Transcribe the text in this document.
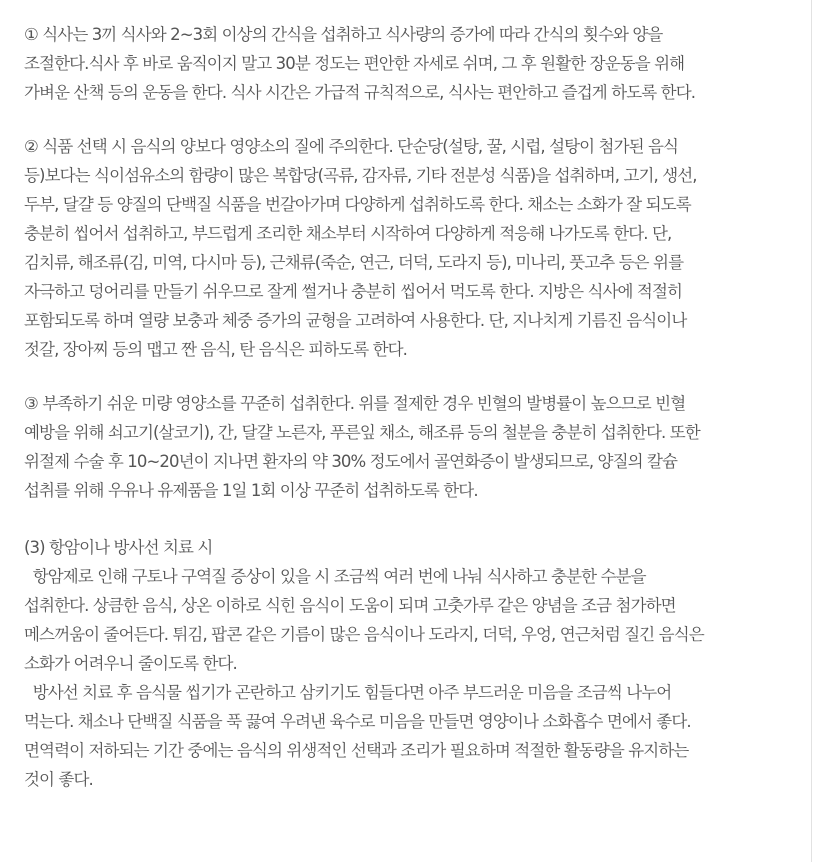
① 식사는 3끼 식사와 2~3회 이상의 간식을 섭취하고 식사량의 증가에 따라 간식의 횟수와 양을
조절한다.식사 후 바로 움직이지 말고 30분 정도는 편안한 자세로 쉬며, 그 후 원활한 장운동을 위해
가벼운 산책 등의 운동을 한다. 식사 시간은 가급적 규칙적으로, 식사는 편안하고 즐겁게 하도록 한다.
② 식품 선택 시 음식의 양보다 영양소의 질에 주의한다. 단순당(설탕, 꿀, 시럽, 설탕이 첨가된 음식
등)보다는 식이섬유소의 함량이 많은 복합당(곡류, 감자류, 기타 전분성 식품)을 섭취하며, 고기, 생선,
두부, 달걀 등 양질의 단백질 식품을 번갈아가며 다양하게 섭취하도록 한다. 채소는 소화가 잘 되도록
충분히 씹어서 섭취하고, 부드럽게 조리한 채소부터 시작하여 다양하게 적응해 나가도록 한다. 단,
김치류, 해조류(김, 미역, 다시마 등), 근채류(죽순, 연근, 더덕, 도라지 등), 미나리, 풋고추 등은 위를
자극하고 덩어리를 만들기 쉬우므로 잘게 썰거나 충분히 씹어서 먹도록 한다. 지방은 식사에 적절히
포함되도록 하며 열량 보충과 체중 증가의 균형을 고려하여 사용한다. 단, 지나치게 기름진 음식이나
젓갈, 장아찌 등의 맵고 짠 음식, 탄 음식은 피하도록 한다.
③ 부족하기 쉬운 미량 영양소를 꾸준히 섭취한다. 위를 절제한 경우 빈혈의 발병률이 높으므로 빈혈
예방을 위해 쇠고기(살코기), 간, 달걀 노른자, 푸른잎 채소, 해조류 등의 철분을 충분히 섭취한다. 또한
위절제 수술 후 10~20년이 지나면 환자의 약 30% 정도에서 골연화증이 발생되므로, 양질의 칼슘
섭취를 위해 우유나 유제품을 1일 1회 이상 꾸준히 섭취하도록 한다.
(3) 항암이나 방사선 치료 시
항암제로 인해 구토나 구역질 증상이 있을 시 조금씩 여러 번에 나눠 식사하고 충분한 수분을
섭취한다. 상큼한 음식, 상온 이하로 식힌 음식이 도움이 되며 고춧가루 같은 양념을 조금 첨가하면
메스꺼움이 줄어든다. 튀김, 팝콘 같은 기름이 많은 음식이나 도라지, 더덕, 우엉, 연근처럼 질긴 음식은
소화가 어려우니 줄이도록 한다.
방사선 치료 후 음식물 씹기가 곤란하고 삼키기도 힘들다면 아주 부드러운 미음을 조금씩 나누어
먹는다. 채소나 단백질 식품을 푹 끓여 우려낸 육수로 미음을 만들면 영양이나 소화흡수 면에서 좋다.
면역력이 저하되는 기간 중에는 음식의 위생적인 선택과 조리가 필요하며 적절한 활동량을 유지하는
것이 좋다.
